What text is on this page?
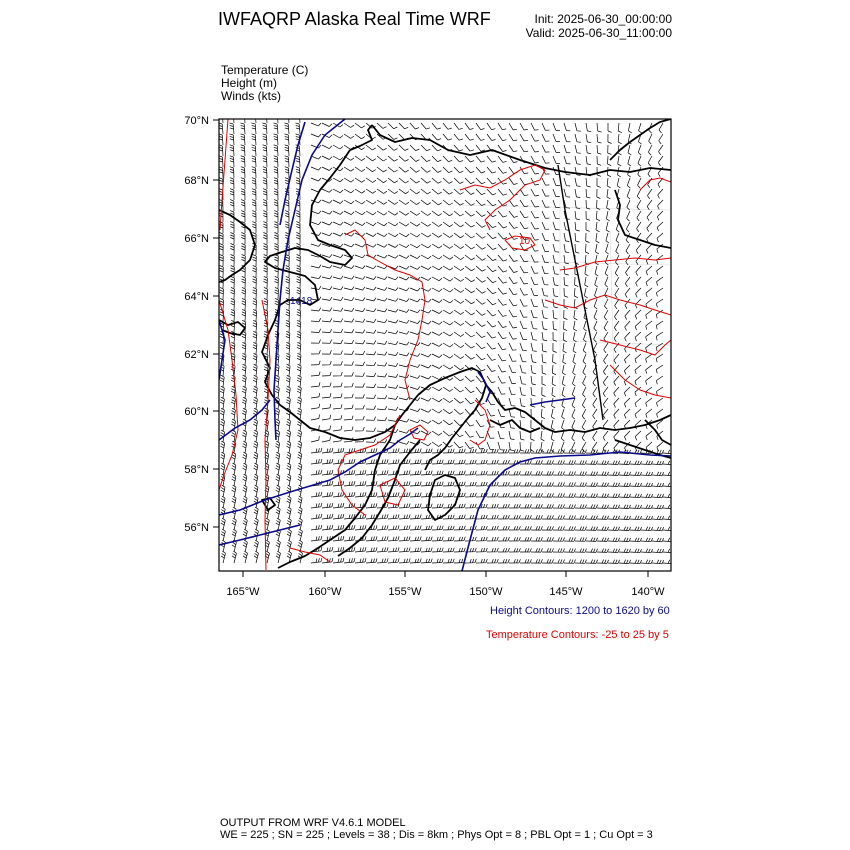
IWFAQRP Alaska Real Time WRF	Init: 2025-06-30_00:00:00
Valid: 2025-06-30_11:00:00
Temperature (C)
Height (m)
Winds (kts)
1418
10
70°N
68°N
66°N
64°N
62°N
60°N
58°N
56°N
165°W	160°W	155°W	150°W	145°W	140°W
Height Contours: 1200 to 1620 by 60
Temperature Contours: -25 to 25 by 5
OUTPUT FROM WRF V4.6.1 MODEL
WE = 225 ; SN = 225 ; Levels = 38 ; Dis = 8km ; Phys Opt = 8 ; PBL Opt = 1 ; Cu Opt = 3
